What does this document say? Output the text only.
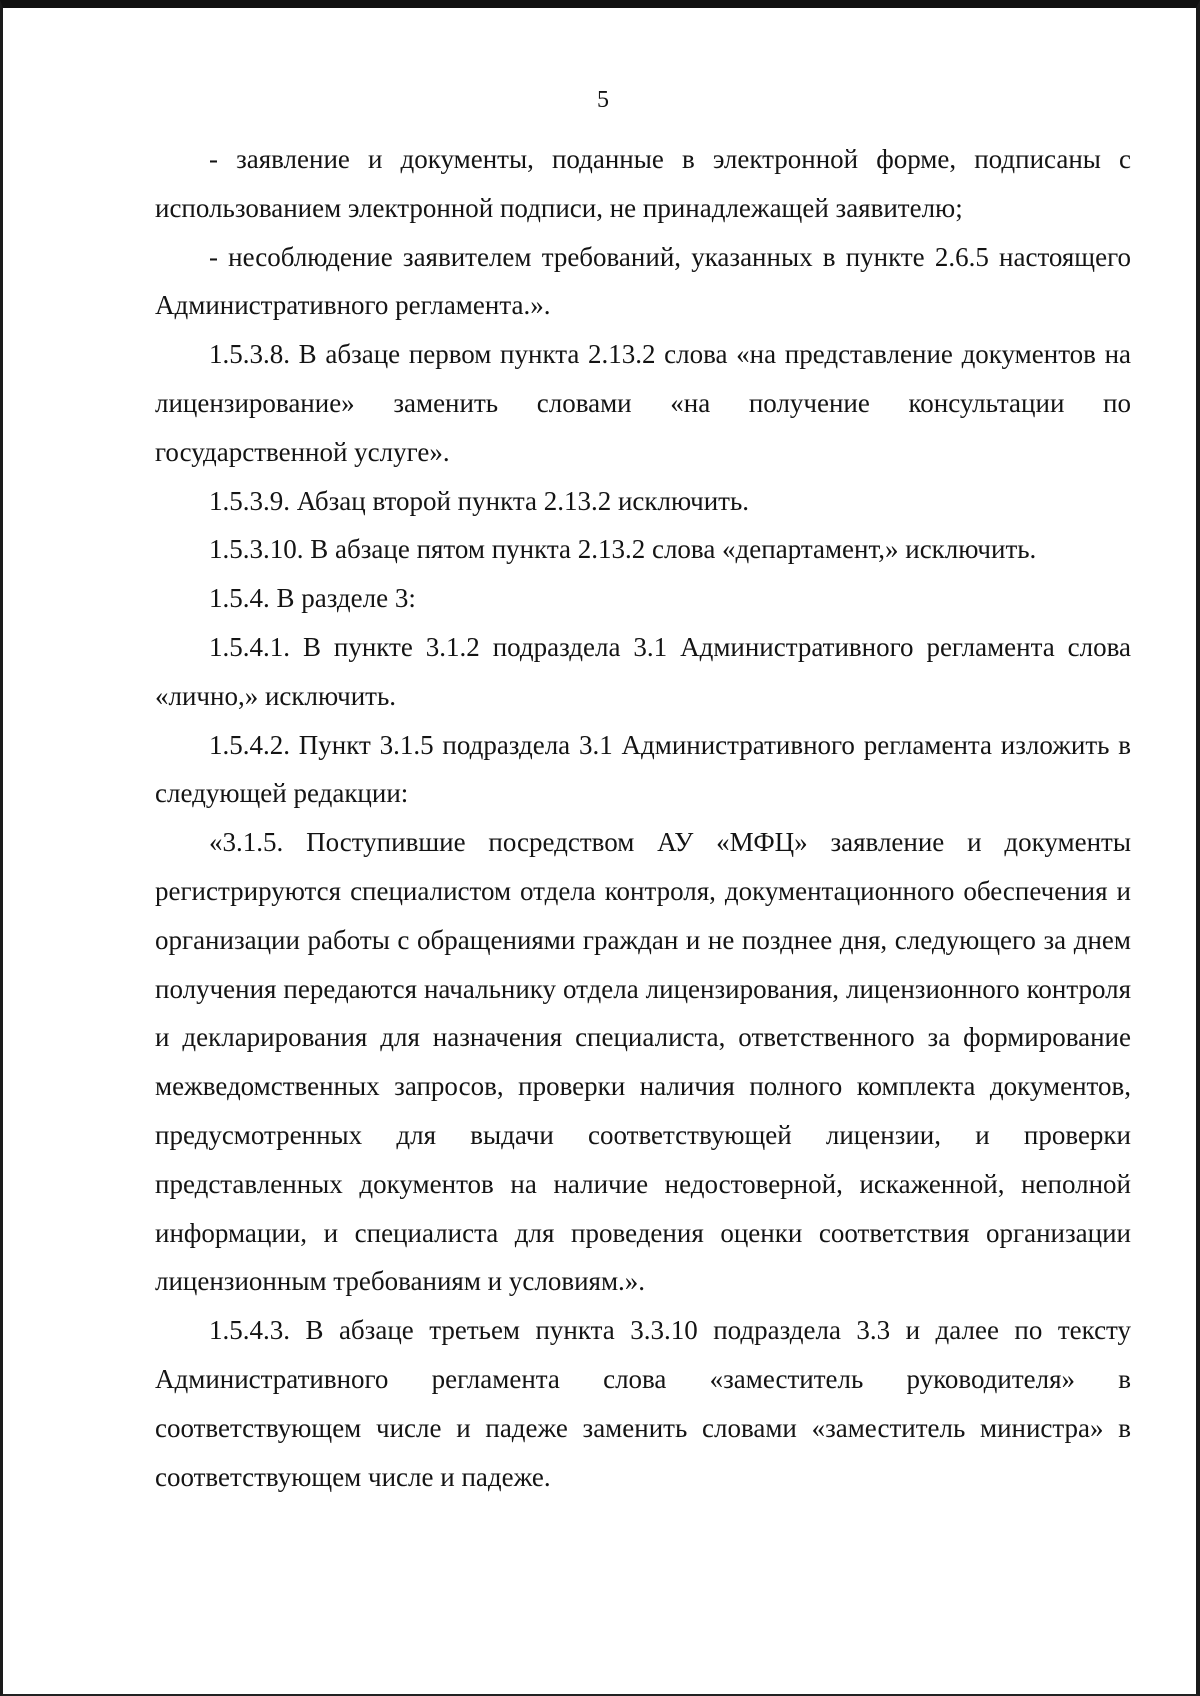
5

- заявление и документы, поданные в электронной форме, подписаны с использованием электронной подписи, не принадлежащей заявителю;

- несоблюдение заявителем требований, указанных в пункте 2.6.5 настоящего Административного регламента.».

1.5.3.8. В абзаце первом пункта 2.13.2 слова «на представление документов на лицензирование» заменить словами «на получение консультации по государственной услуге».

1.5.3.9. Абзац второй пункта 2.13.2 исключить.

1.5.3.10. В абзаце пятом пункта 2.13.2 слова «департамент,» исключить.

1.5.4. В разделе 3:

1.5.4.1. В пункте 3.1.2 подраздела 3.1 Административного регламента слова «лично,» исключить.

1.5.4.2. Пункт 3.1.5 подраздела 3.1 Административного регламента изложить в следующей редакции:

«3.1.5. Поступившие посредством АУ «МФЦ» заявление и документы регистрируются специалистом отдела контроля, документационного обеспечения и организации работы с обращениями граждан и не позднее дня, следующего за днем получения передаются начальнику отдела лицензирования, лицензионного контроля и декларирования для назначения специалиста, ответственного за формирование межведомственных запросов, проверки наличия полного комплекта документов, предусмотренных для выдачи соответствующей лицензии, и проверки представленных документов на наличие недостоверной, искаженной, неполной информации, и специалиста для проведения оценки соответствия организации лицензионным требованиям и условиям.».

1.5.4.3. В абзаце третьем пункта 3.3.10 подраздела 3.3 и далее по тексту Административного регламента слова «заместитель руководителя» в соответствующем числе и падеже заменить словами «заместитель министра» в соответствующем числе и падеже.
